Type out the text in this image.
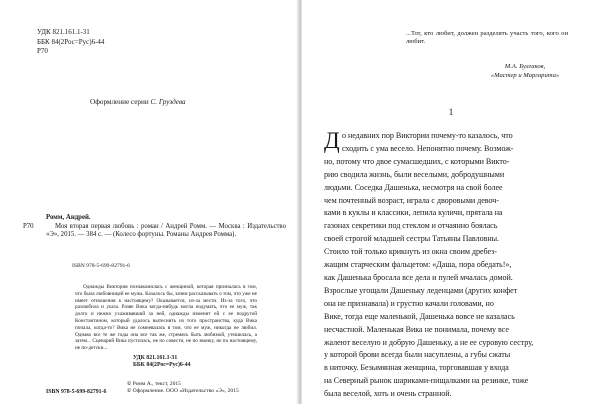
УДК 821.161.1-31
ББК 84(2Рос=Рус)6-44
Р70
Оформление серии С. Груздева
Ромм, Андрей.
Р70	Моя вторая первая любовь : роман / Андрей Ромм. — Москва : Издательство «Э», 2015. — 384 с. — (Колесо фортуны. Романы Андрея Ромма).
ISBN 978-5-699-82791-6
Однажды Виктория познакомилась с женщиной, которая призналась в том, что была любовницей ее мужа. Казалось бы, зачем рассказывать о том, что уже не имеет отношения к настоящему? Оказывается, из-за мести. Из-за того, что разлюбила и ушла. Разве Вика когда-нибудь могла подумать, что ее муж, так долго и нежно ухаживавший за ней, однажды изменит ей с ее подругой Константином, который удалось вытеснить из того пространства, куда Вика попала, когда-то? Вика не сомневалась в том, что ее муж, никогда не любил. Однако все те же годы она все так же, стремясь быть любимой, утешилась, а затем... Сценарий Вика пустилась, не по совести, не по звонку, не по настоящему, не по-детски...
УДК 821.161.1-31
ББК 84(2Рос=Рус)6-44
ISBN 978-5-699-82791-6
© Ромм А., текст, 2015
© Оформление. ООО «Издательство «Э», 2015
...Тот, кто любит, должен разделять участь того, кого он любит.
М.А. Булгаков,
«Мастер и Маргарита»
1
Д о недавних пор Виктории почему-то казалось, что
сходить с ума весело. Непонятно почему. Возмож-
но, потому что двое сумасшедших, с которыми Викто-
рию сводила жизнь, были веселыми, добродушными
людьми. Соседка Дашенька, несмотря на свой более
чем почтенный возраст, играла с дворовыми девоч-
ками в куклы и классики, лепила куличи, прятала на
газонах секретики под стеклом и отчаянно боялась
своей строгой младшей сестры Татьяны Павловны.
Стоило той только крикнуть из окна своим дребез-
жащим старческим фальцетом: «Даша, пора обедать!»,
как Дашенька бросала все дела и пулей мчалась домой.
Взрослые угощали Дашеньку леденцами (других конфет
она не признавала) и грустно качали головами, но
Вике, тогда еще маленькой, Дашенька вовсе не казалась
несчастной. Маленькая Вика не понимала, почему все
жалеют веселую и добрую Дашеньку, а не ее суровую сестру,
у которой брови всегда были насуплены, а губы сжаты
в ниточку. Безымянная женщина, торговавшая у входа
на Северный рынок шариками-пищалками на резинке, тоже
была веселой, хоть и очень странной.
